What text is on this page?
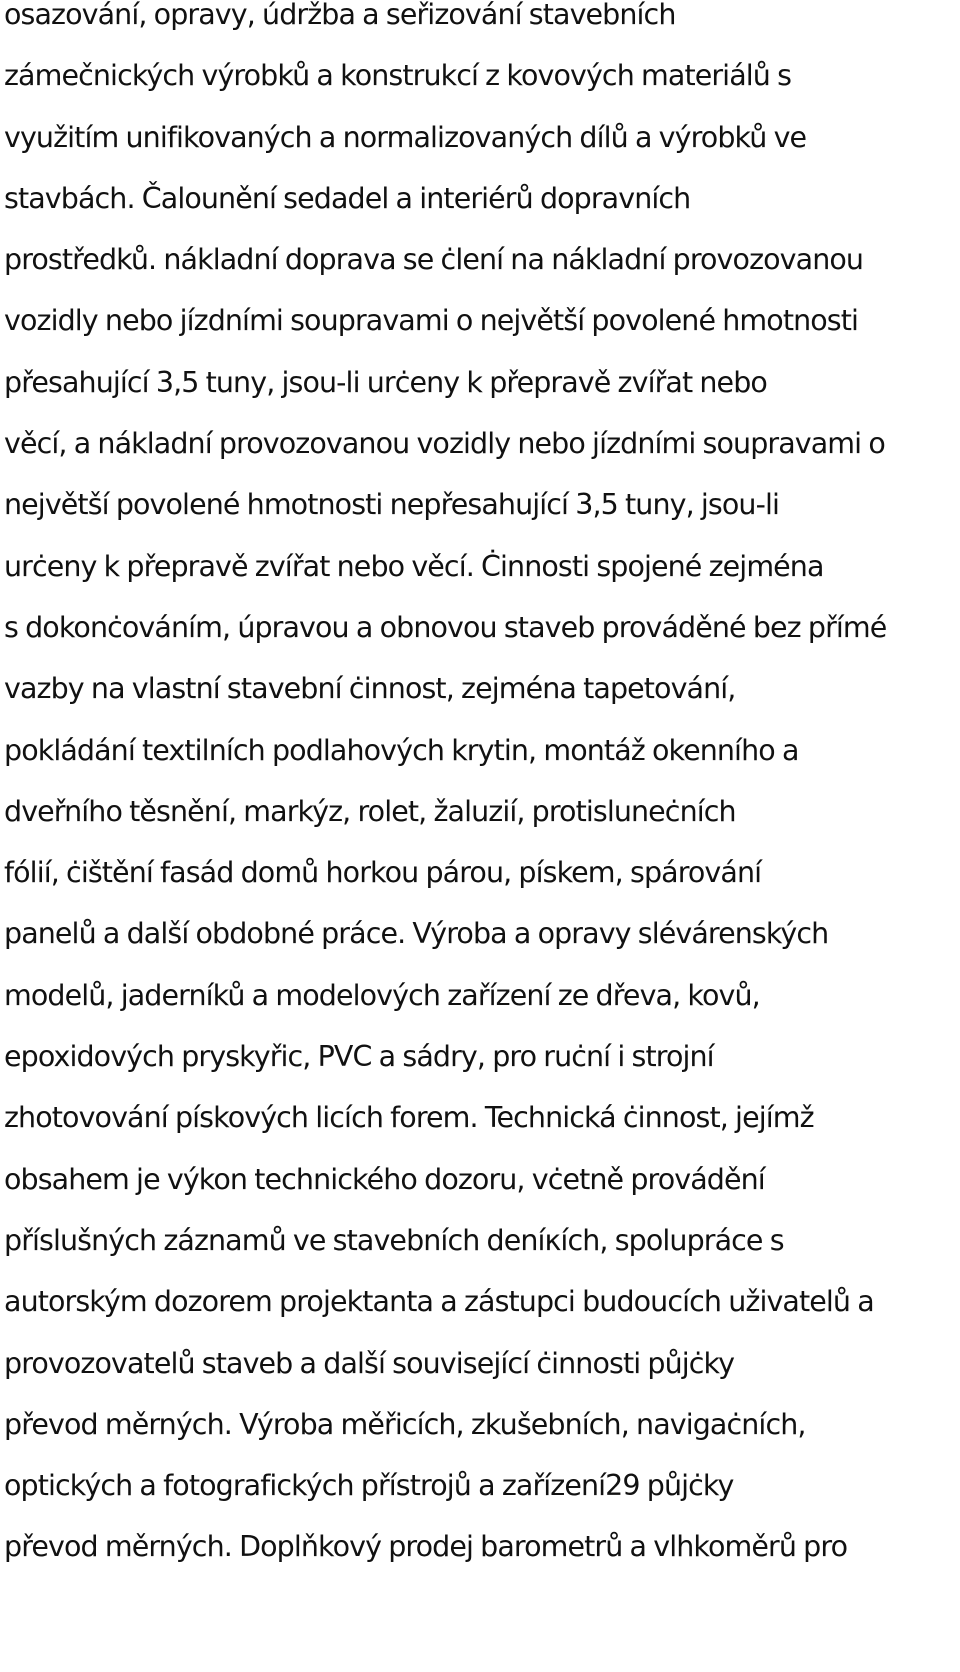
osazování, opravy, údržba a seřizování stavebních
zámečnických výrobků a konstrukcí z kovových materiálů s
využitím unifikovaných a normalizovaných dílů a výrobků ve
stavbách. Čalounění sedadel a interiérů dopravních
prostředků. nákladní doprava se ċlení na nákladní provozovanou
vozidly nebo jízdními soupravami o největší povolené hmotnosti
přesahující 3,5 tuny, jsou-li urċeny k přepravě zvířat nebo
věcí, a nákladní provozovanou vozidly nebo jízdními soupravami o
největší povolené hmotnosti nepřesahující 3,5 tuny, jsou-li
urċeny k přepravě zvířat nebo věcí. Ċinnosti spojené zejména
s dokonċováním, úpravou a obnovou staveb prováděné bez přímé
vazby na vlastní stavební ċinnost, zejména tapetování,
pokládání textilních podlahových krytin, montáž okenního a
dveřního těsnění, markýz, rolet, žaluzií, protislunеċních
fólií, ċištění fasád domů horkou párou, pískem, spárování
panelů a další obdobné práce. Výroba a opravy slévárenských
modelů, jaderníků a modelových zařízení ze dřeva, kovů,
epoxidových pryskyřic, PVC a sádry, pro ruċní i strojní
zhotovování pískových licích forem. Technická ċinnost, jejímž
obsahem je výkon technického dozoru, vċetně provádění
příslušných záznamů ve stavebních deníκích, spolupráce s
autorským dozorem projektanta a zástupci budoucích uživatelů a
provozovatelů staveb a další související ċinnosti půjċky
převod měrných. Výroba měřicích, zkušebních, navigaċních,
optických a fotografických přístrojů a zařízení29 půjċky
převod měrných. Doplňkový prodej barometrů a vlhkoměrů pro
